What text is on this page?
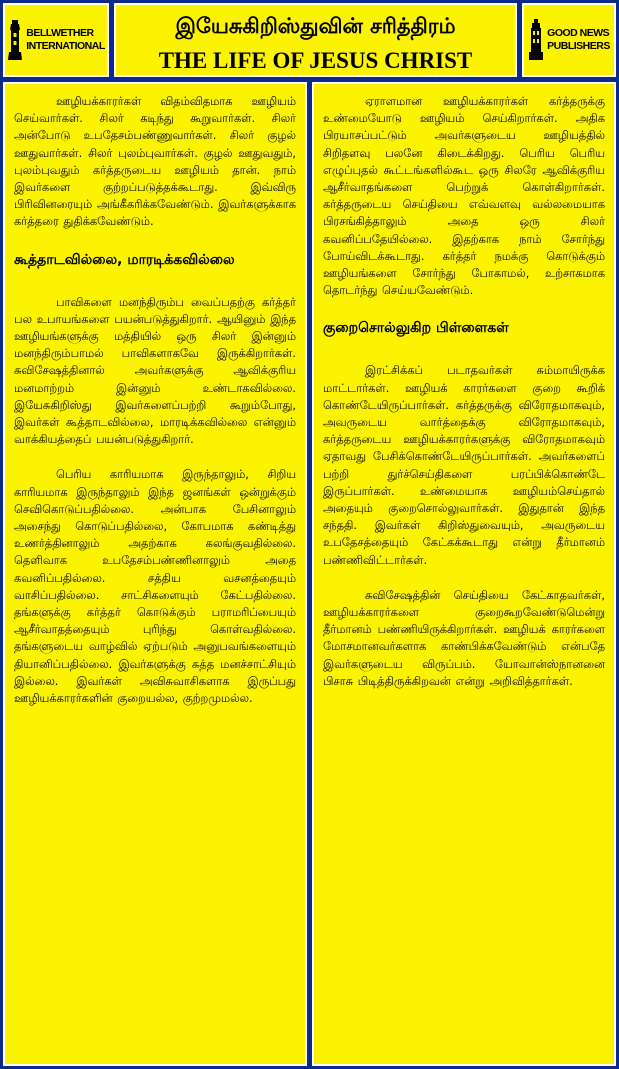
BELLWETHER
INTERNATIONAL
இயேசுகிறிஸ்துவின் சரித்திரம்
THE LIFE OF JESUS CHRIST
GOOD NEWS
PUBLISHERS

ஊழியக்காரர்கள் விதம்விதமாக ஊழியம் செய்வார்கள். சிலர் கடிந்து கூறுவார்கள். சிலர் அன்போடு உபதேசம்பண்ணுவார்கள். சிலர் குழல் ஊதுவார்கள். சிலர் புலம்புவார்கள். குழல் ஊதுவதும், புலம்புவதும் கர்த்தருடைய ஊழியம் தான். நாம் இவர்களை குற்றப்படுத்தக்கூடாது. இவ்விரு பிரிவினரையும் அங்கீகரிக்கவேண்டும். இவர்களுக்காக கர்த்தரை துதிக்கவேண்டும்.

கூத்தாடவில்லை, மாரடிக்கவில்லை

பாவிகளை மனந்திரும்ப வைப்பதற்கு கர்த்தர் பல உபாயங்களை பயன்படுத்துகிறார். ஆயினும் இந்த ஊழியங்களுக்கு மத்தியில் ஒரு சிலர் இன்னும் மனந்திரும்பாமல் பாவிகளாகவே இருக்கிறார்கள். சுவிசேஷத்தினால் அவர்களுக்கு ஆவிக்குரிய மனமாற்றம் இன்னும் உண்டாகவில்லை. இயேசுகிறிஸ்து இவர்களைப்பற்றி கூறும்போது, இவர்கள் கூத்தாடவில்லை, மாரடிக்கவில்லை என்னும் வாக்கியத்தைப் பயன்படுத்துகிறார்.

பெரிய காரியமாக இருந்தாலும், சிறிய காரியமாக இருந்தாலும் இந்த ஜனங்கள் ஒன்றுக்கும் செவிகொடுப்பதில்லை. அன்பாக பேசினாலும் அசைந்து கொடுப்பதில்லை, கோபமாக கண்டித்து உணர்த்தினாலும் அதற்காக கலங்குவதில்லை. தெளிவாக உபதேசம்பண்ணினாலும் அதை கவனிப்பதில்லை. சத்திய வசனத்தையும் வாசிப்பதில்லை. சாட்சிகளையும் கேட்பதில்லை. தங்களுக்கு கர்த்தர் கொடுக்கும் பராமரிப்பையும் ஆசீர்வாதத்தையும் புரிந்து கொள்வதில்லை. தங்களுடைய வாழ்வில் ஏற்படும் அனுபவங்களையும் தியானிப்பதில்லை. இவர்களுக்கு சுத்த மனச்சாட்சியும் இல்லை. இவர்கள் அவிசுவாசிகளாக இருப்பது ஊழியக்காரர்களின் குறையல்ல, குற்றமுமல்ல.

ஏராளமான ஊழியக்காரர்கள் கர்த்தருக்கு உண்மையோடு ஊழியம் செய்கிறார்கள். அதிக பிரயாசப்பட்டும் அவர்களுடைய ஊழியத்தில் சிறிதளவு பலனே கிடைக்கிறது. பெரிய பெரிய எழுப்புதல் கூட்டங்களில்கூட ஒரு சிலரே ஆவிக்குரிய ஆசீர்வாதங்களை பெற்றுக் கொள்கிறார்கள். கர்த்தருடைய செய்தியை எவ்வளவு வல்லமையாக பிரசங்கித்தாலும் அதை ஒரு சிலர் கவனிப்பதேயில்லை. இதற்காக நாம் சோர்ந்து போய்விடக்கூடாது. கர்த்தர் நமக்கு கொடுக்கும் ஊழியங்களை சோர்ந்து போகாமல், உற்சாகமாக தொடர்ந்து செய்யவேண்டும்.

குறைசொல்லுகிற பிள்ளைகள்

இரட்சிக்கப் படாதவர்கள் சும்மாயிருக்க மாட்டார்கள். ஊழியக் காரர்களை குறை கூறிக் கொண்டேயிருப்பார்கள். கர்த்தருக்கு விரோதமாகவும், அவருடைய வார்த்தைக்கு விரோதமாகவும், கர்த்தருடைய ஊழியக்காரர்களுக்கு விரோதமாகவும் ஏதாவது பேசிக்கொண்டேயிருப்பார்கள். அவர்களைப் பற்றி துர்ச்செய்திகளை பரப்பிக்கொண்டே இருப்பார்கள். உண்மையாக ஊழியம்செய்தால் அதையும் குறைசொல்லுவார்கள். இதுதான் இந்த சந்ததி. இவர்கள் கிறிஸ்துவையும், அவருடைய உபதேசத்தையும் கேட்கக்கூடாது என்று தீர்மானம் பண்ணிவிட்டார்கள்.

சுவிசேஷத்தின் செய்தியை கேட்காதவர்கள், ஊழியக்காரர்களை குறைகூறவேண்டுமென்று தீர்மானம் பண்ணியிருக்கிறார்கள். ஊழியக் காரர்களை மோசமானவர்களாக காண்பிக்கவேண்டும் என்பதே இவர்களுடைய விருப்பம். யோவான்ஸ்நானனை பிசாசு பிடித்திருக்கிறவன் என்று அறிவித்தார்கள்.
